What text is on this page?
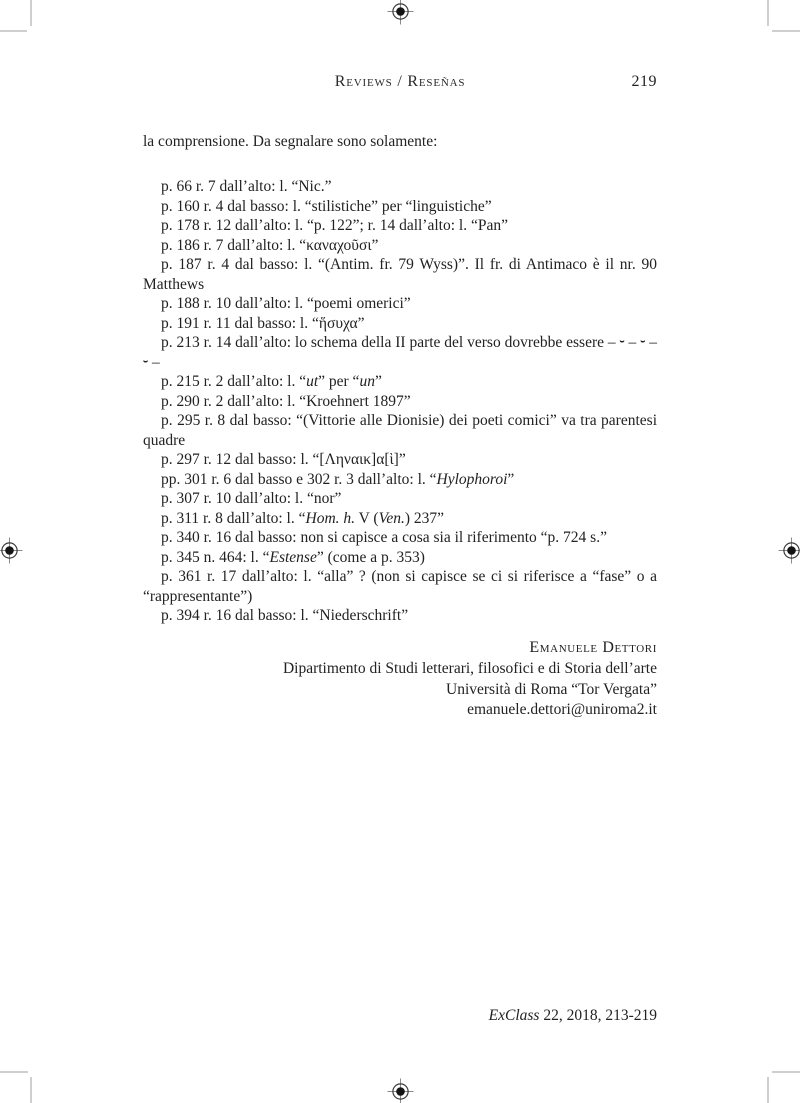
Reviews / Reseñas	219

la comprensione. Da segnalare sono solamente:

p. 66 r. 7 dall’alto: l. “Nic.”

p. 160 r. 4 dal basso: l. “stilistiche” per “linguistiche”

p. 178 r. 12 dall’alto: l. “p. 122”; r. 14 dall’alto: l. “Pan”

p. 186 r. 7 dall’alto: l. “καναχοῦσι”

p. 187 r. 4 dal basso: l. “(Antim. fr. 79 Wyss)”. Il fr. di Antimaco è il nr. 90 Matthews

p. 188 r. 10 dall’alto: l. “poemi omerici”

p. 191 r. 11 dal basso: l. “ἥσυχα”

p. 213 r. 14 dall’alto: lo schema della II parte del verso dovrebbe essere – ⏑ – ⏑ – ⏑ –

p. 215 r. 2 dall’alto: l. “ut” per “un”

p. 290 r. 2 dall’alto: l. “Kroehnert 1897”

p. 295 r. 8 dal basso: “(Vittorie alle Dionisie) dei poeti comici” va tra parentesi quadre

p. 297 r. 12 dal basso: l. “[Ληναικ]α[ὶ]”

pp. 301 r. 6 dal basso e 302 r. 3 dall’alto: l. “Hylophoroi”

p. 307 r. 10 dall’alto: l. “nor”

p. 311 r. 8 dall’alto: l. “Hom. h. V (Ven.) 237”

p. 340 r. 16 dal basso: non si capisce a cosa sia il riferimento “p. 724 s.”

p. 345 n. 464: l. “Estense” (come a p. 353)

p. 361 r. 17 dall’alto: l. “alla” ? (non si capisce se ci si riferisce a “fase” o a “rappresentante”)

p. 394 r. 16 dal basso: l. “Niederschrift”

Emanuele Dettori
Dipartimento di Studi letterari, filosofici e di Storia dell’arte
Università di Roma “Tor Vergata”
emanuele.dettori@uniroma2.it
ExClass 22, 2018, 213-219
